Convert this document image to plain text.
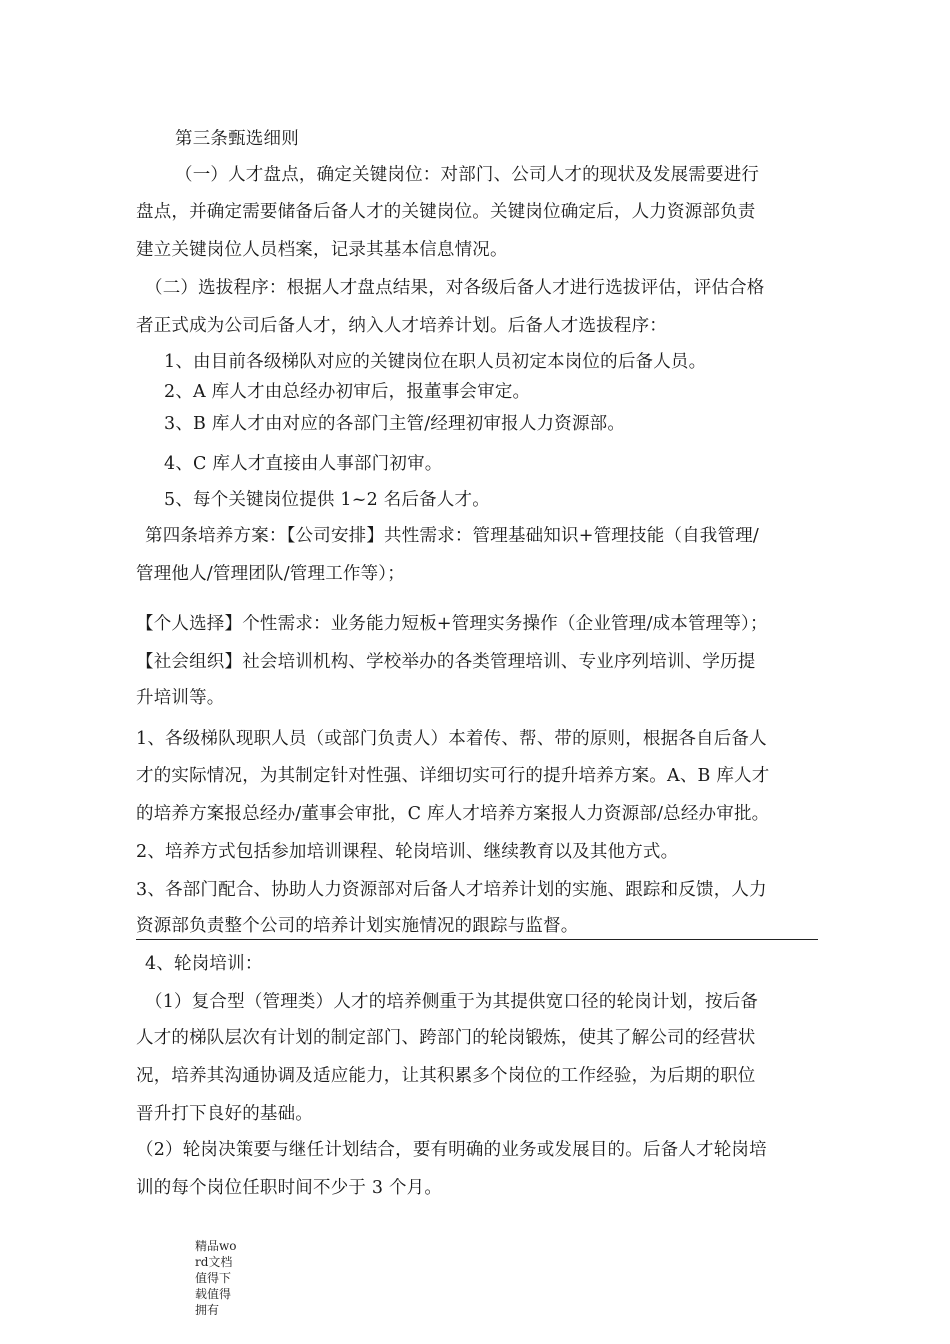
第三条甄选细则
（一）人才盘点，确定关键岗位：对部门、公司人才的现状及发展需要进行
盘点，并确定需要储备后备人才的关键岗位。关键岗位确定后，人力资源部负责
建立关键岗位人员档案，记录其基本信息情况。
（二）选拔程序：根据人才盘点结果，对各级后备人才进行选拔评估，评估合格
者正式成为公司后备人才，纳入人才培养计划。后备人才选拔程序：
1、由目前各级梯队对应的关键岗位在职人员初定本岗位的后备人员。
2、A 库人才由总经办初审后，报董事会审定。
3、B 库人才由对应的各部门主管/经理初审报人力资源部。
4、C 库人才直接由人事部门初审。
5、每个关键岗位提供 1~2 名后备人才。
第四条培养方案：【公司安排】共性需求：管理基础知识+管理技能（自我管理/
管理他人/管理团队/管理工作等）；
【个人选择】个性需求：业务能力短板+管理实务操作（企业管理/成本管理等）；
【社会组织】社会培训机构、学校举办的各类管理培训、专业序列培训、学历提
升培训等。
1、各级梯队现职人员（或部门负责人）本着传、帮、带的原则，根据各自后备人
才的实际情况，为其制定针对性强、详细切实可行的提升培养方案。A、B 库人才
的培养方案报总经办/董事会审批，C 库人才培养方案报人力资源部/总经办审批。
2、培养方式包括参加培训课程、轮岗培训、继续教育以及其他方式。
3、各部门配合、协助人力资源部对后备人才培养计划的实施、跟踪和反馈，人力
资源部负责整个公司的培养计划实施情况的跟踪与监督。
4、轮岗培训：
（1）复合型（管理类）人才的培养侧重于为其提供宽口径的轮岗计划，按后备
人才的梯队层次有计划的制定部门、跨部门的轮岗锻炼，使其了解公司的经营状
况，培养其沟通协调及适应能力，让其积累多个岗位的工作经验，为后期的职位
晋升打下良好的基础。
（2）轮岗决策要与继任计划结合，要有明确的业务或发展目的。后备人才轮岗培
训的每个岗位任职时间不少于 3 个月。
精品word文档值得下载值得拥有
